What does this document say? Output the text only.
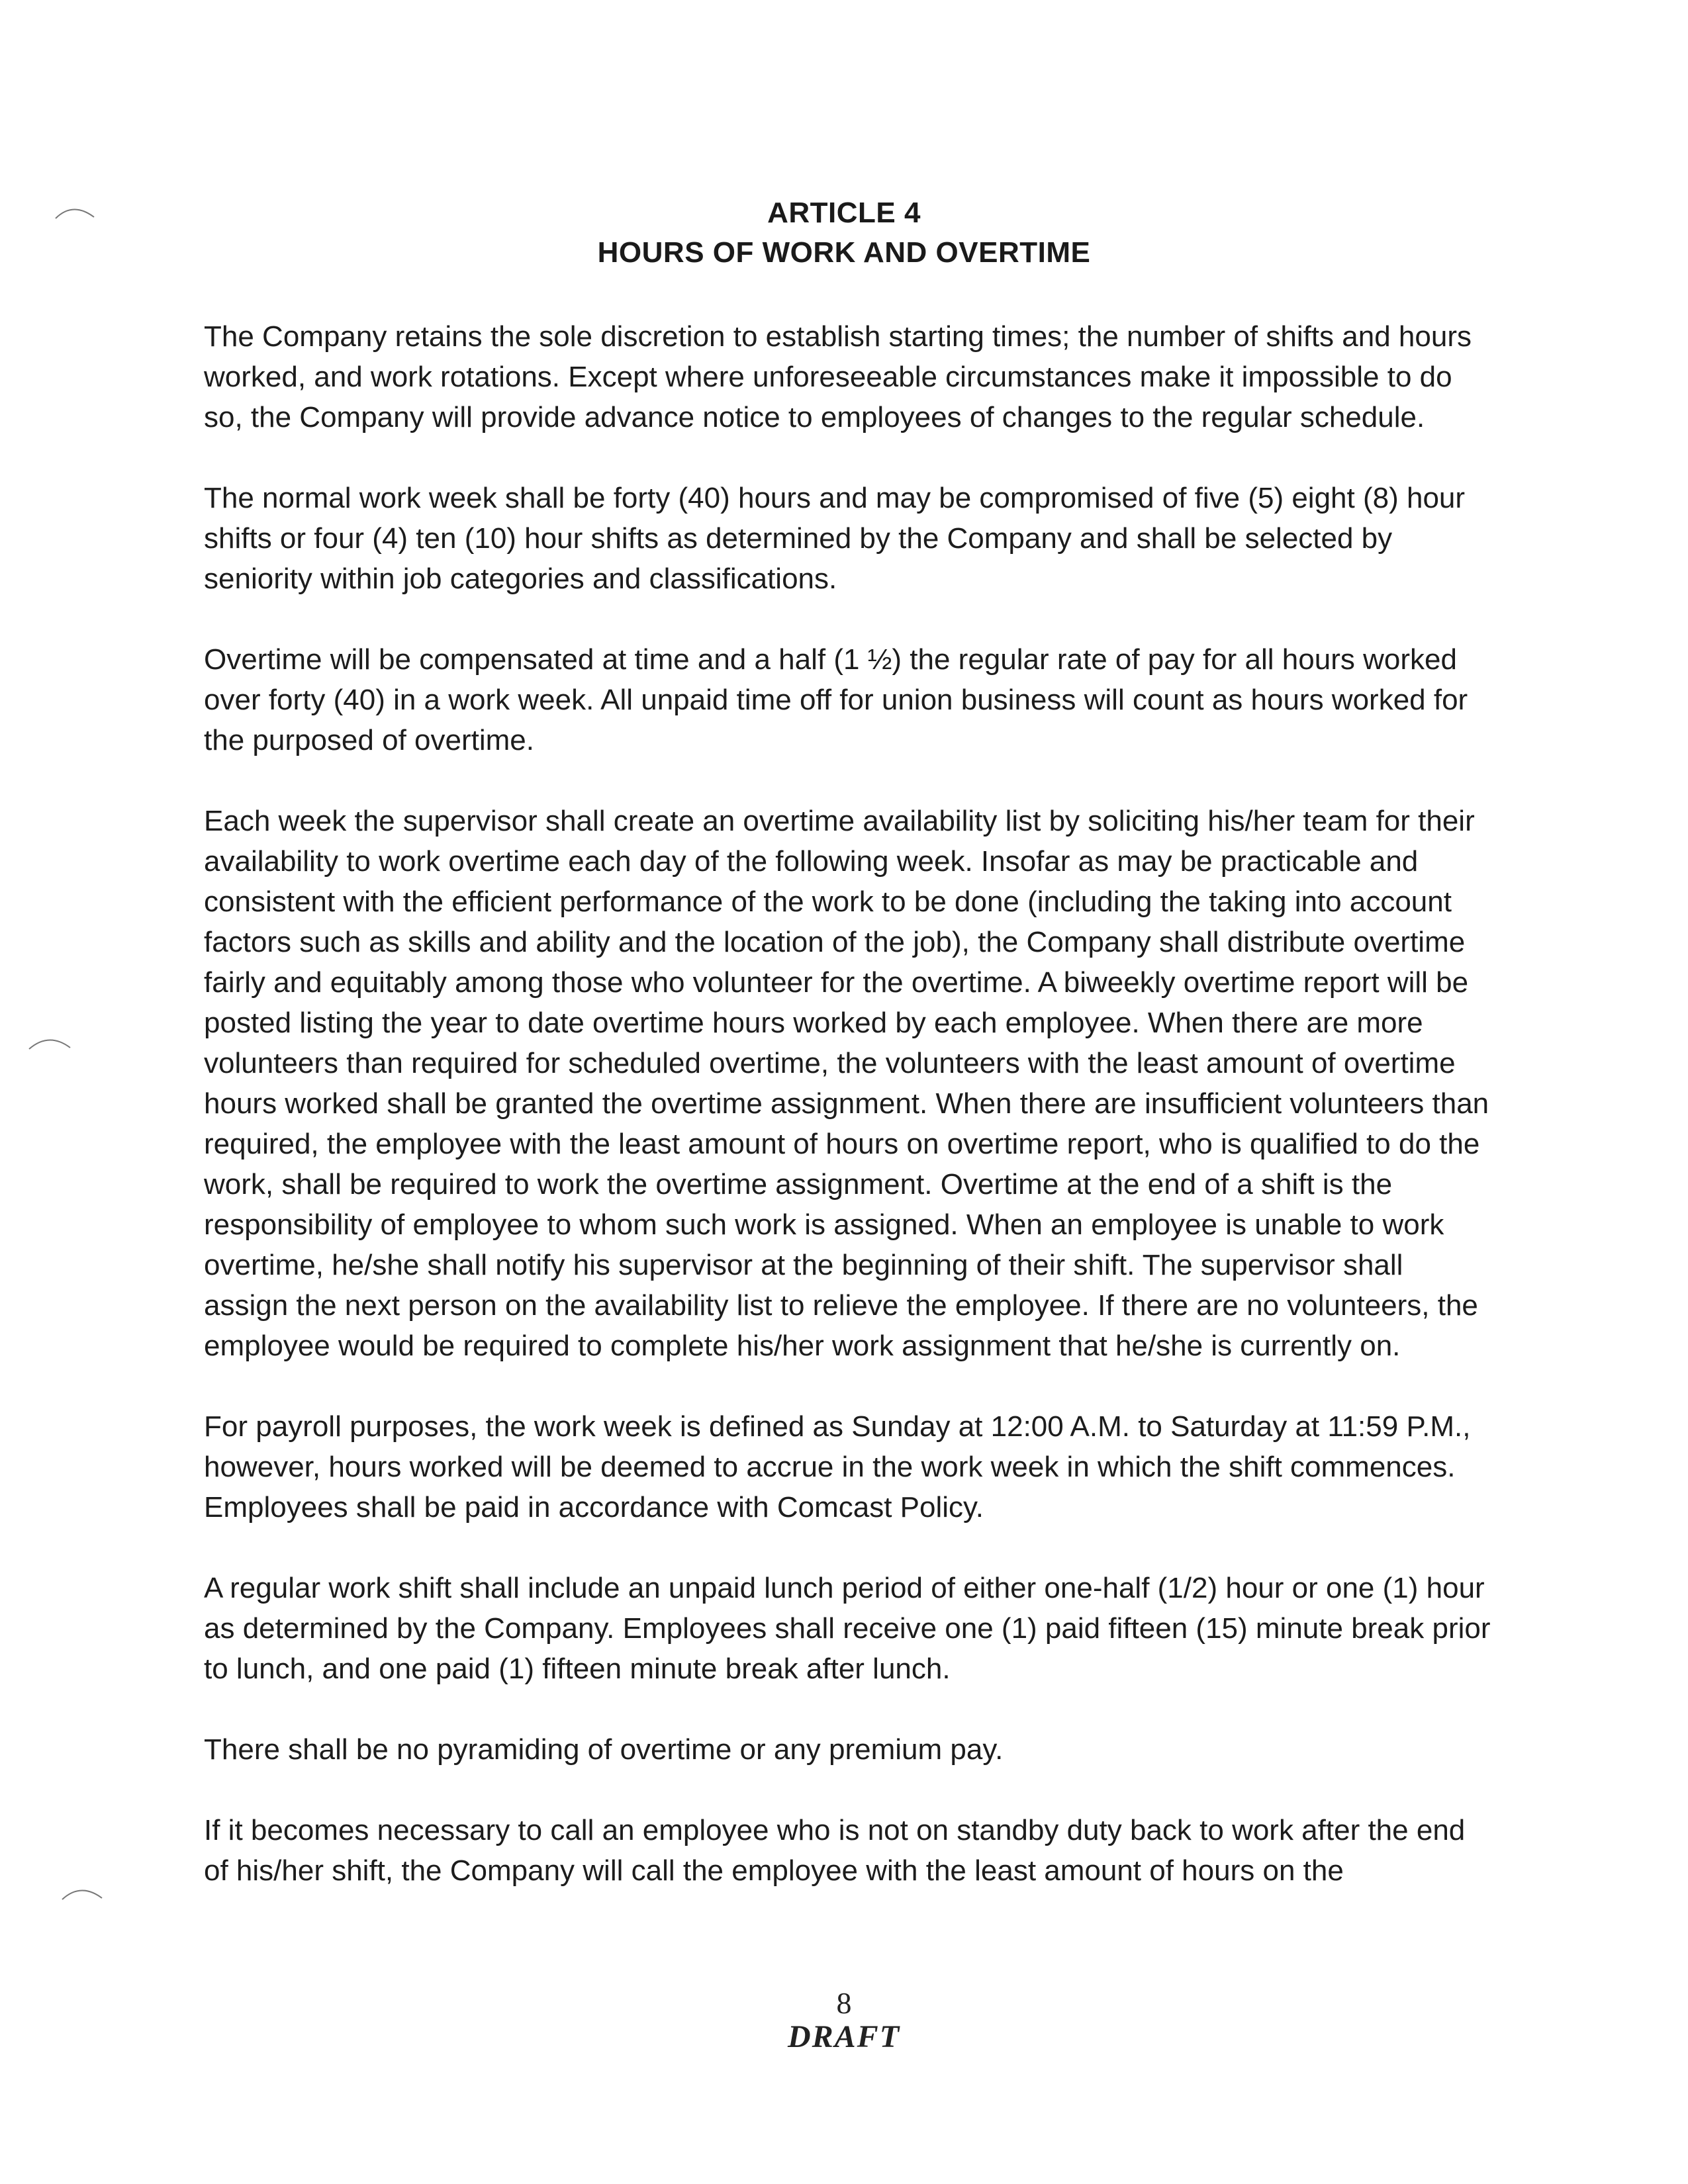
ARTICLE 4
HOURS OF WORK AND OVERTIME

The Company retains the sole discretion to establish starting times; the number of shifts and hours worked, and work rotations. Except where unforeseeable circumstances make it impossible to do so, the Company will provide advance notice to employees of changes to the regular schedule.

The normal work week shall be forty (40) hours and may be compromised of five (5) eight (8) hour shifts or four (4) ten (10) hour shifts as determined by the Company and shall be selected by seniority within job categories and classifications.

Overtime will be compensated at time and a half (1 ½) the regular rate of pay for all hours worked over forty (40) in a work week. All unpaid time off for union business will count as hours worked for the purposed of overtime.

Each week the supervisor shall create an overtime availability list by soliciting his/her team for their availability to work overtime each day of the following week. Insofar as may be practicable and consistent with the efficient performance of the work to be done (including the taking into account factors such as skills and ability and the location of the job), the Company shall distribute overtime fairly and equitably among those who volunteer for the overtime. A biweekly overtime report will be posted listing the year to date overtime hours worked by each employee. When there are more volunteers than required for scheduled overtime, the volunteers with the least amount of overtime hours worked shall be granted the overtime assignment. When there are insufficient volunteers than required, the employee with the least amount of hours on overtime report, who is qualified to do the work, shall be required to work the overtime assignment. Overtime at the end of a shift is the responsibility of employee to whom such work is assigned. When an employee is unable to work overtime, he/she shall notify his supervisor at the beginning of their shift. The supervisor shall assign the next person on the availability list to relieve the employee. If there are no volunteers, the employee would be required to complete his/her work assignment that he/she is currently on.

For payroll purposes, the work week is defined as Sunday at 12:00 A.M. to Saturday at 11:59 P.M., however, hours worked will be deemed to accrue in the work week in which the shift commences. Employees shall be paid in accordance with Comcast Policy.

A regular work shift shall include an unpaid lunch period of either one-half (1/2) hour or one (1) hour as determined by the Company. Employees shall receive one (1) paid fifteen (15) minute break prior to lunch, and one paid (1) fifteen minute break after lunch.

There shall be no pyramiding of overtime or any premium pay.

If it becomes necessary to call an employee who is not on standby duty back to work after the end of his/her shift, the Company will call the employee with the least amount of hours on the

8
DRAFT
